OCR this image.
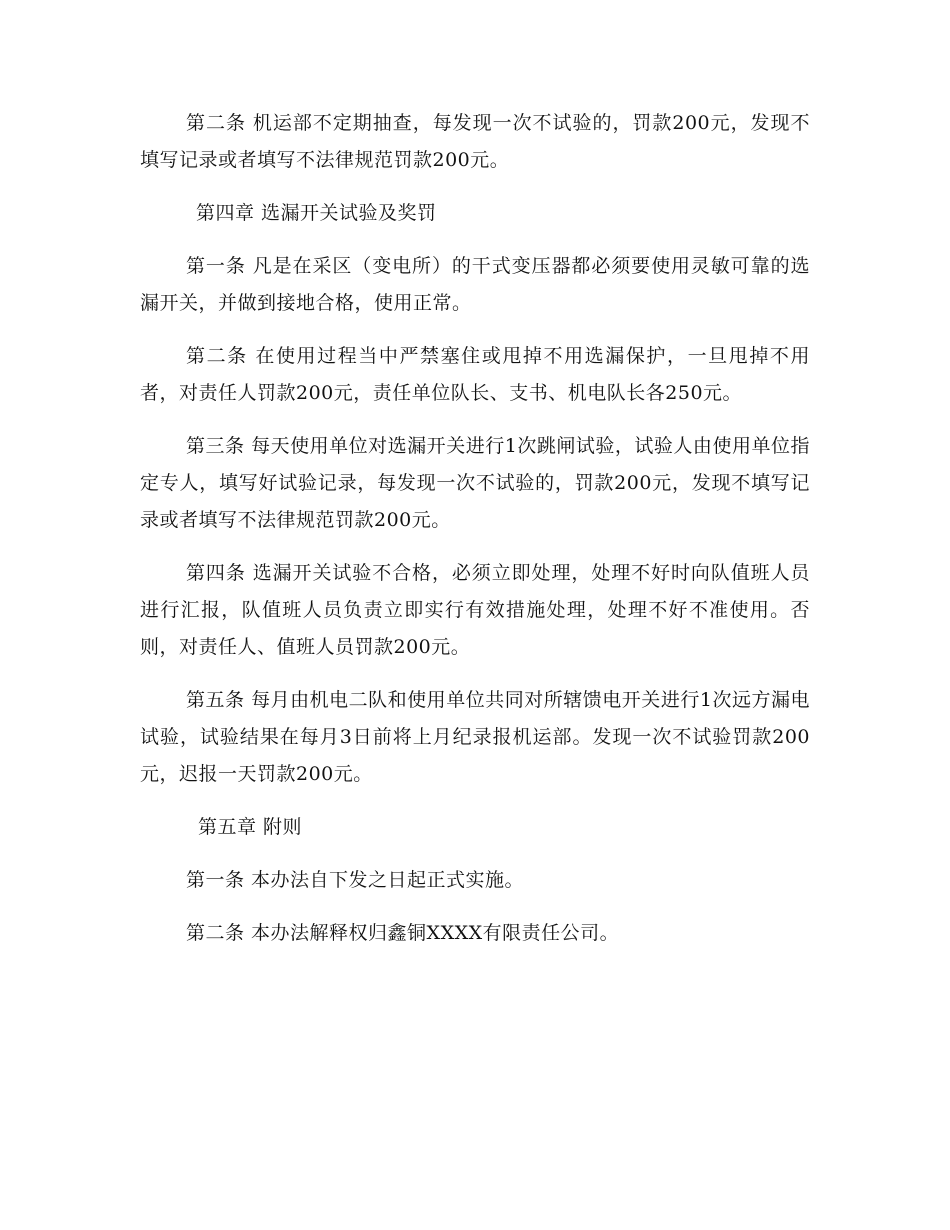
第二条 机运部不定期抽查，每发现一次不试验的，罚款200元，发现不填写记录或者填写不法律规范罚款200元。

第四章 选漏开关试验及奖罚

第一条 凡是在采区（变电所）的干式变压器都必须要使用灵敏可靠的选漏开关，并做到接地合格，使用正常。

第二条 在使用过程当中严禁塞住或甩掉不用选漏保护，一旦甩掉不用者，对责任人罚款200元，责任单位队长、支书、机电队长各250元。

第三条 每天使用单位对选漏开关进行1次跳闸试验，试验人由使用单位指定专人，填写好试验记录，每发现一次不试验的，罚款200元，发现不填写记录或者填写不法律规范罚款200元。

第四条 选漏开关试验不合格，必须立即处理，处理不好时向队值班人员进行汇报，队值班人员负责立即实行有效措施处理，处理不好不准使用。否则，对责任人、值班人员罚款200元。

第五条 每月由机电二队和使用单位共同对所辖馈电开关进行1次远方漏电试验，试验结果在每月3日前将上月纪录报机运部。发现一次不试验罚款200元，迟报一天罚款200元。

第五章 附则

第一条 本办法自下发之日起正式实施。

第二条 本办法解释权归鑫铜XXXX有限责任公司。
